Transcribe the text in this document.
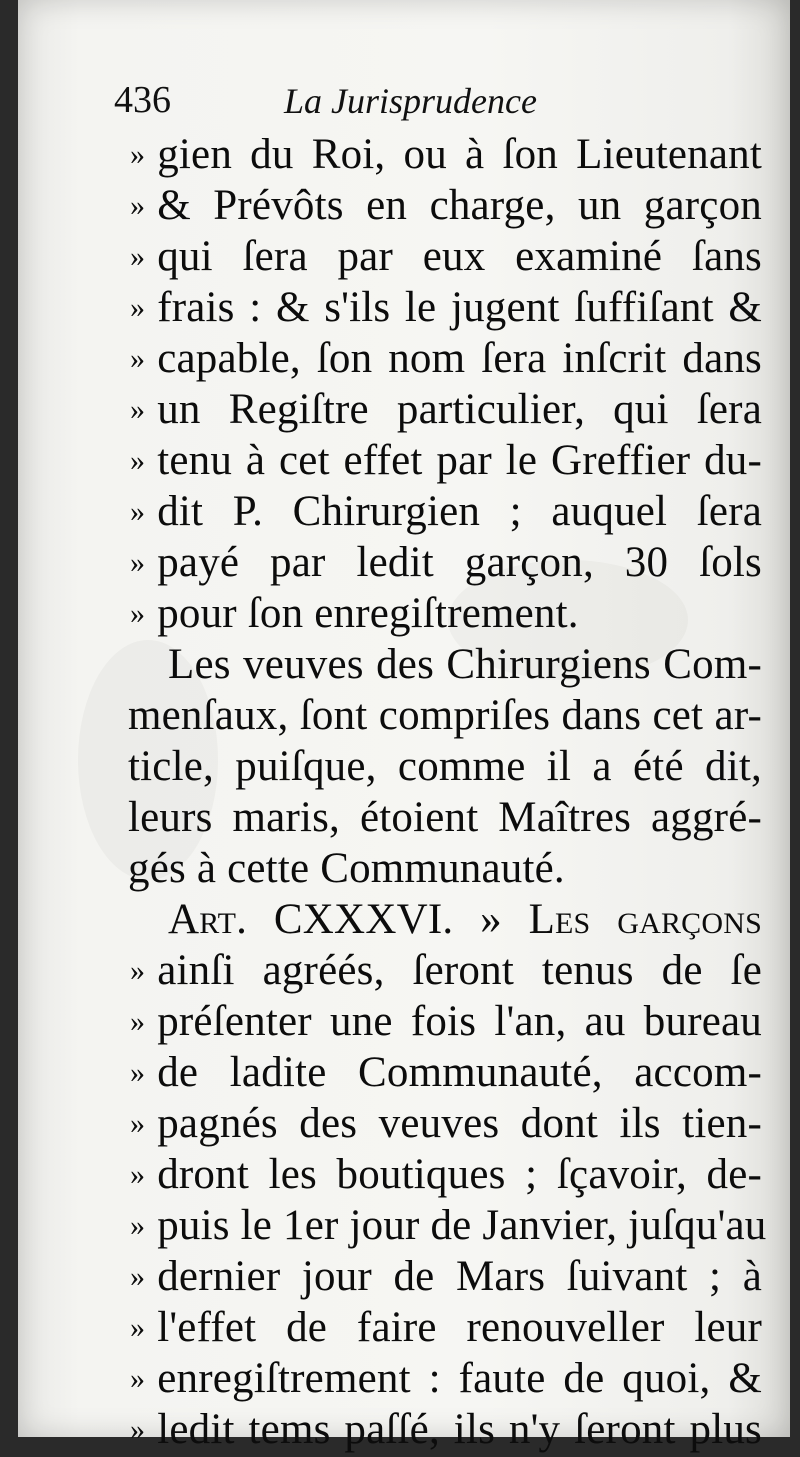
436	La Jurisprudence
» gien du Roi, ou à ſon Lieutenant
» & Prévôts en charge, un garçon
» qui ſera par eux examiné ſans
» frais : & s'ils le jugent ſuffiſant &
» capable, ſon nom ſera inſcrit dans
» un Regiſtre particulier, qui ſera
» tenu à cet effet par le Greffier du-
» dit P. Chirurgien ; auquel ſera
» payé par ledit garçon, 30 ſols
» pour ſon enregiſtrement.
Les veuves des Chirurgiens Com-
menſaux, ſont compriſes dans cet ar-
ticle, puiſque, comme il a été dit,
leurs maris, étoient Maîtres aggré-
gés à cette Communauté.
Art. CXXXVI. » Les garçons
» ainſi agréés, ſeront tenus de ſe
» préſenter une fois l'an, au bureau
» de ladite Communauté, accom-
» pagnés des veuves dont ils tien-
» dront les boutiques ; ſçavoir, de-
» puis le 1er jour de Janvier, juſqu'au
» dernier jour de Mars ſuivant ; à
» l'effet de faire renouveller leur
» enregiſtrement : faute de quoi, &
» ledit tems paſſé, ils n'y ſeront plus
